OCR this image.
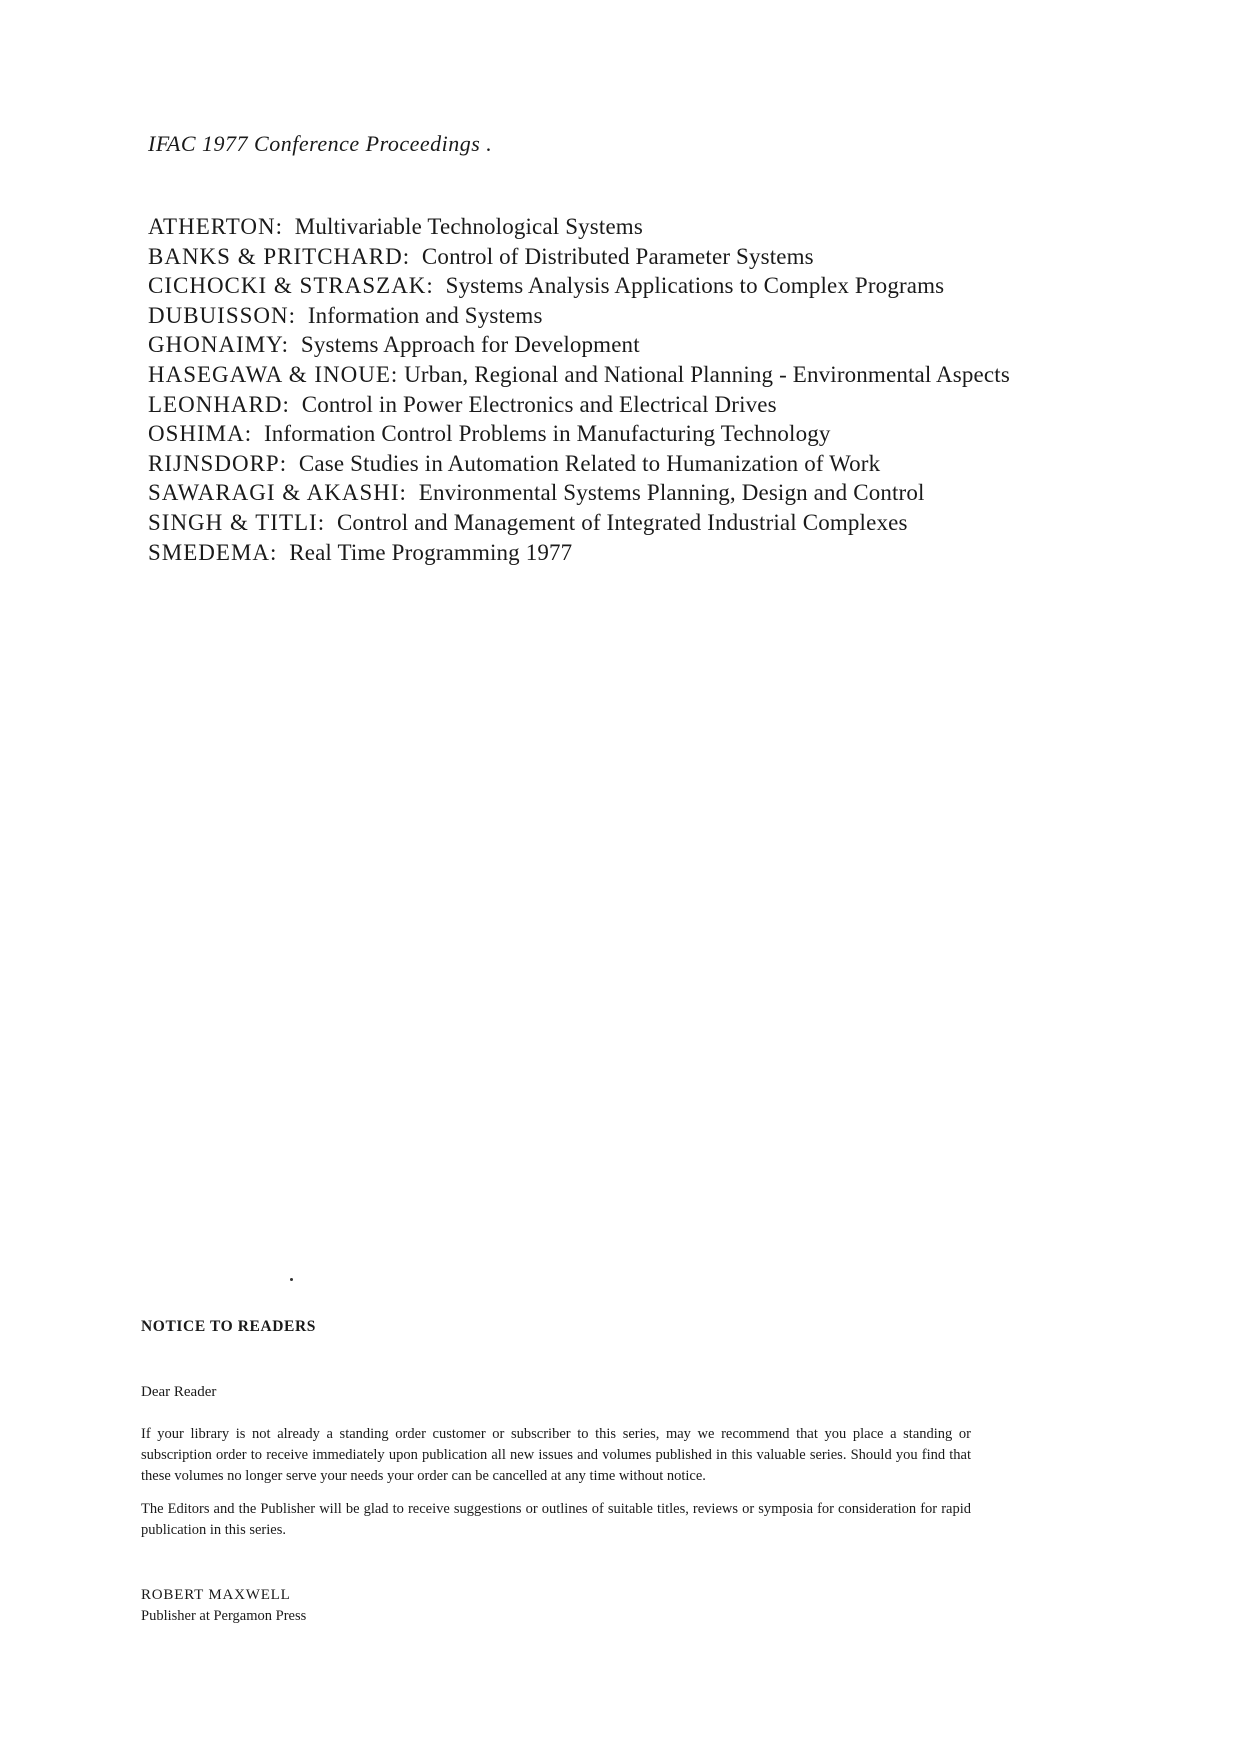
IFAC 1977 Conference Proceedings .
ATHERTON: Multivariable Technological Systems
BANKS & PRITCHARD: Control of Distributed Parameter Systems
CICHOCKI & STRASZAK: Systems Analysis Applications to Complex Programs
DUBUISSON: Information and Systems
GHONAIMY: Systems Approach for Development
HASEGAWA & INOUE: Urban, Regional and National Planning - Environmental Aspects
LEONHARD: Control in Power Electronics and Electrical Drives
OSHIMA: Information Control Problems in Manufacturing Technology
RIJNSDORP: Case Studies in Automation Related to Humanization of Work
SAWARAGI & AKASHI: Environmental Systems Planning, Design and Control
SINGH & TITLI: Control and Management of Integrated Industrial Complexes
SMEDEMA: Real Time Programming 1977

NOTICE TO READERS

Dear Reader

If your library is not already a standing order customer or subscriber to this series, may we recommend that you place a standing or subscription order to receive immediately upon publication all new issues and volumes published in this valuable series. Should you find that these volumes no longer serve your needs your order can be cancelled at any time without notice.

The Editors and the Publisher will be glad to receive suggestions or outlines of suitable titles, reviews or symposia for consideration for rapid publication in this series.

ROBERT MAXWELL
Publisher at Pergamon Press
